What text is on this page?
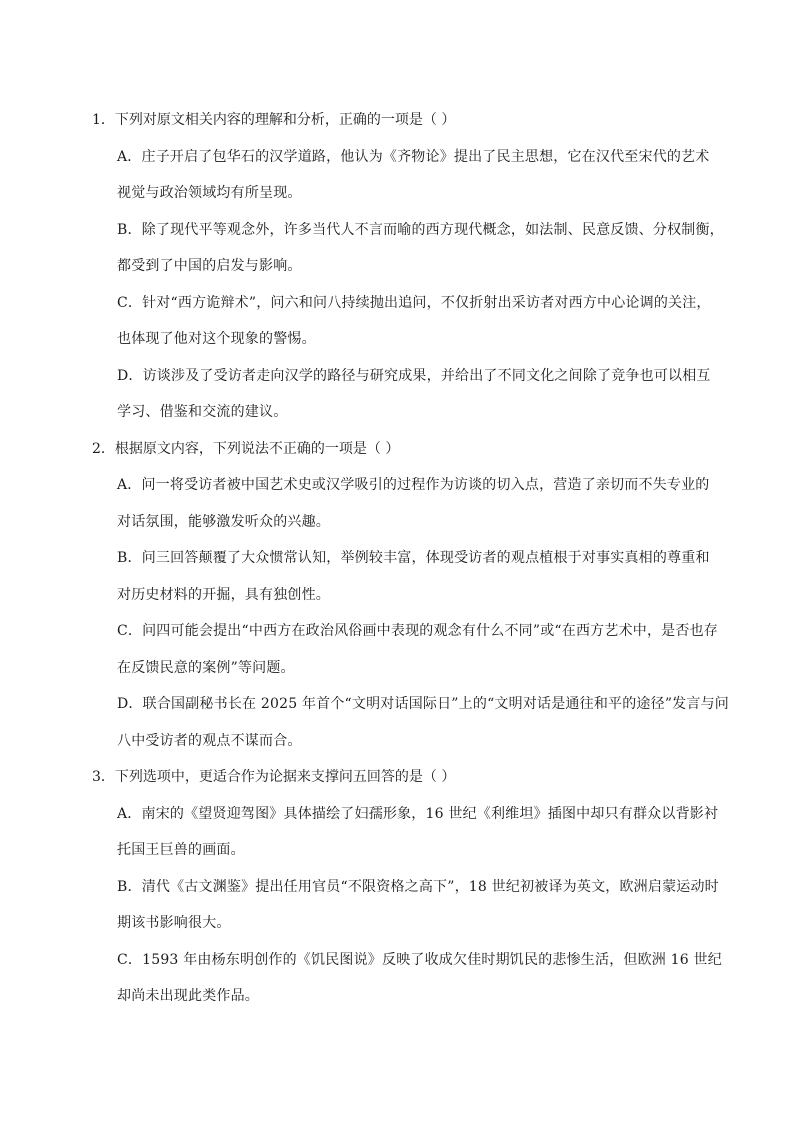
1．下列对原文相关内容的理解和分析，正确的一项是（ ）
A．庄子开启了包华石的汉学道路，他认为《齐物论》提出了民主思想，它在汉代至宋代的艺术
视觉与政治领域均有所呈现。
B．除了现代平等观念外，许多当代人不言而喻的西方现代概念，如法制、民意反馈、分权制衡，
都受到了中国的启发与影响。
C．针对“西方诡辩术”，问六和问八持续抛出追问，不仅折射出采访者对西方中心论调的关注，
也体现了他对这个现象的警惕。
D．访谈涉及了受访者走向汉学的路径与研究成果，并给出了不同文化之间除了竞争也可以相互
学习、借鉴和交流的建议。
2．根据原文内容，下列说法不正确的一项是（ ）
A．问一将受访者被中国艺术史或汉学吸引的过程作为访谈的切入点，营造了亲切而不失专业的
对话氛围，能够激发听众的兴趣。
B．问三回答颠覆了大众惯常认知，举例较丰富，体现受访者的观点植根于对事实真相的尊重和
对历史材料的开掘，具有独创性。
C．问四可能会提出“中西方在政治风俗画中表现的观念有什么不同”或“在西方艺术中，是否也存
在反馈民意的案例”等问题。
D．联合国副秘书长在 2025 年首个“文明对话国际日”上的“文明对话是通往和平的途径”发言与问
八中受访者的观点不谋而合。
3．下列选项中，更适合作为论据来支撑问五回答的是（ ）
A．南宋的《望贤迎驾图》具体描绘了妇孺形象，16 世纪《利维坦》插图中却只有群众以背影衬
托国王巨兽的画面。
B．清代《古文渊鉴》提出任用官员“不限资格之高下”，18 世纪初被译为英文，欧洲启蒙运动时
期该书影响很大。
C．1593 年由杨东明创作的《饥民图说》反映了收成欠佳时期饥民的悲惨生活，但欧洲 16 世纪
却尚未出现此类作品。
